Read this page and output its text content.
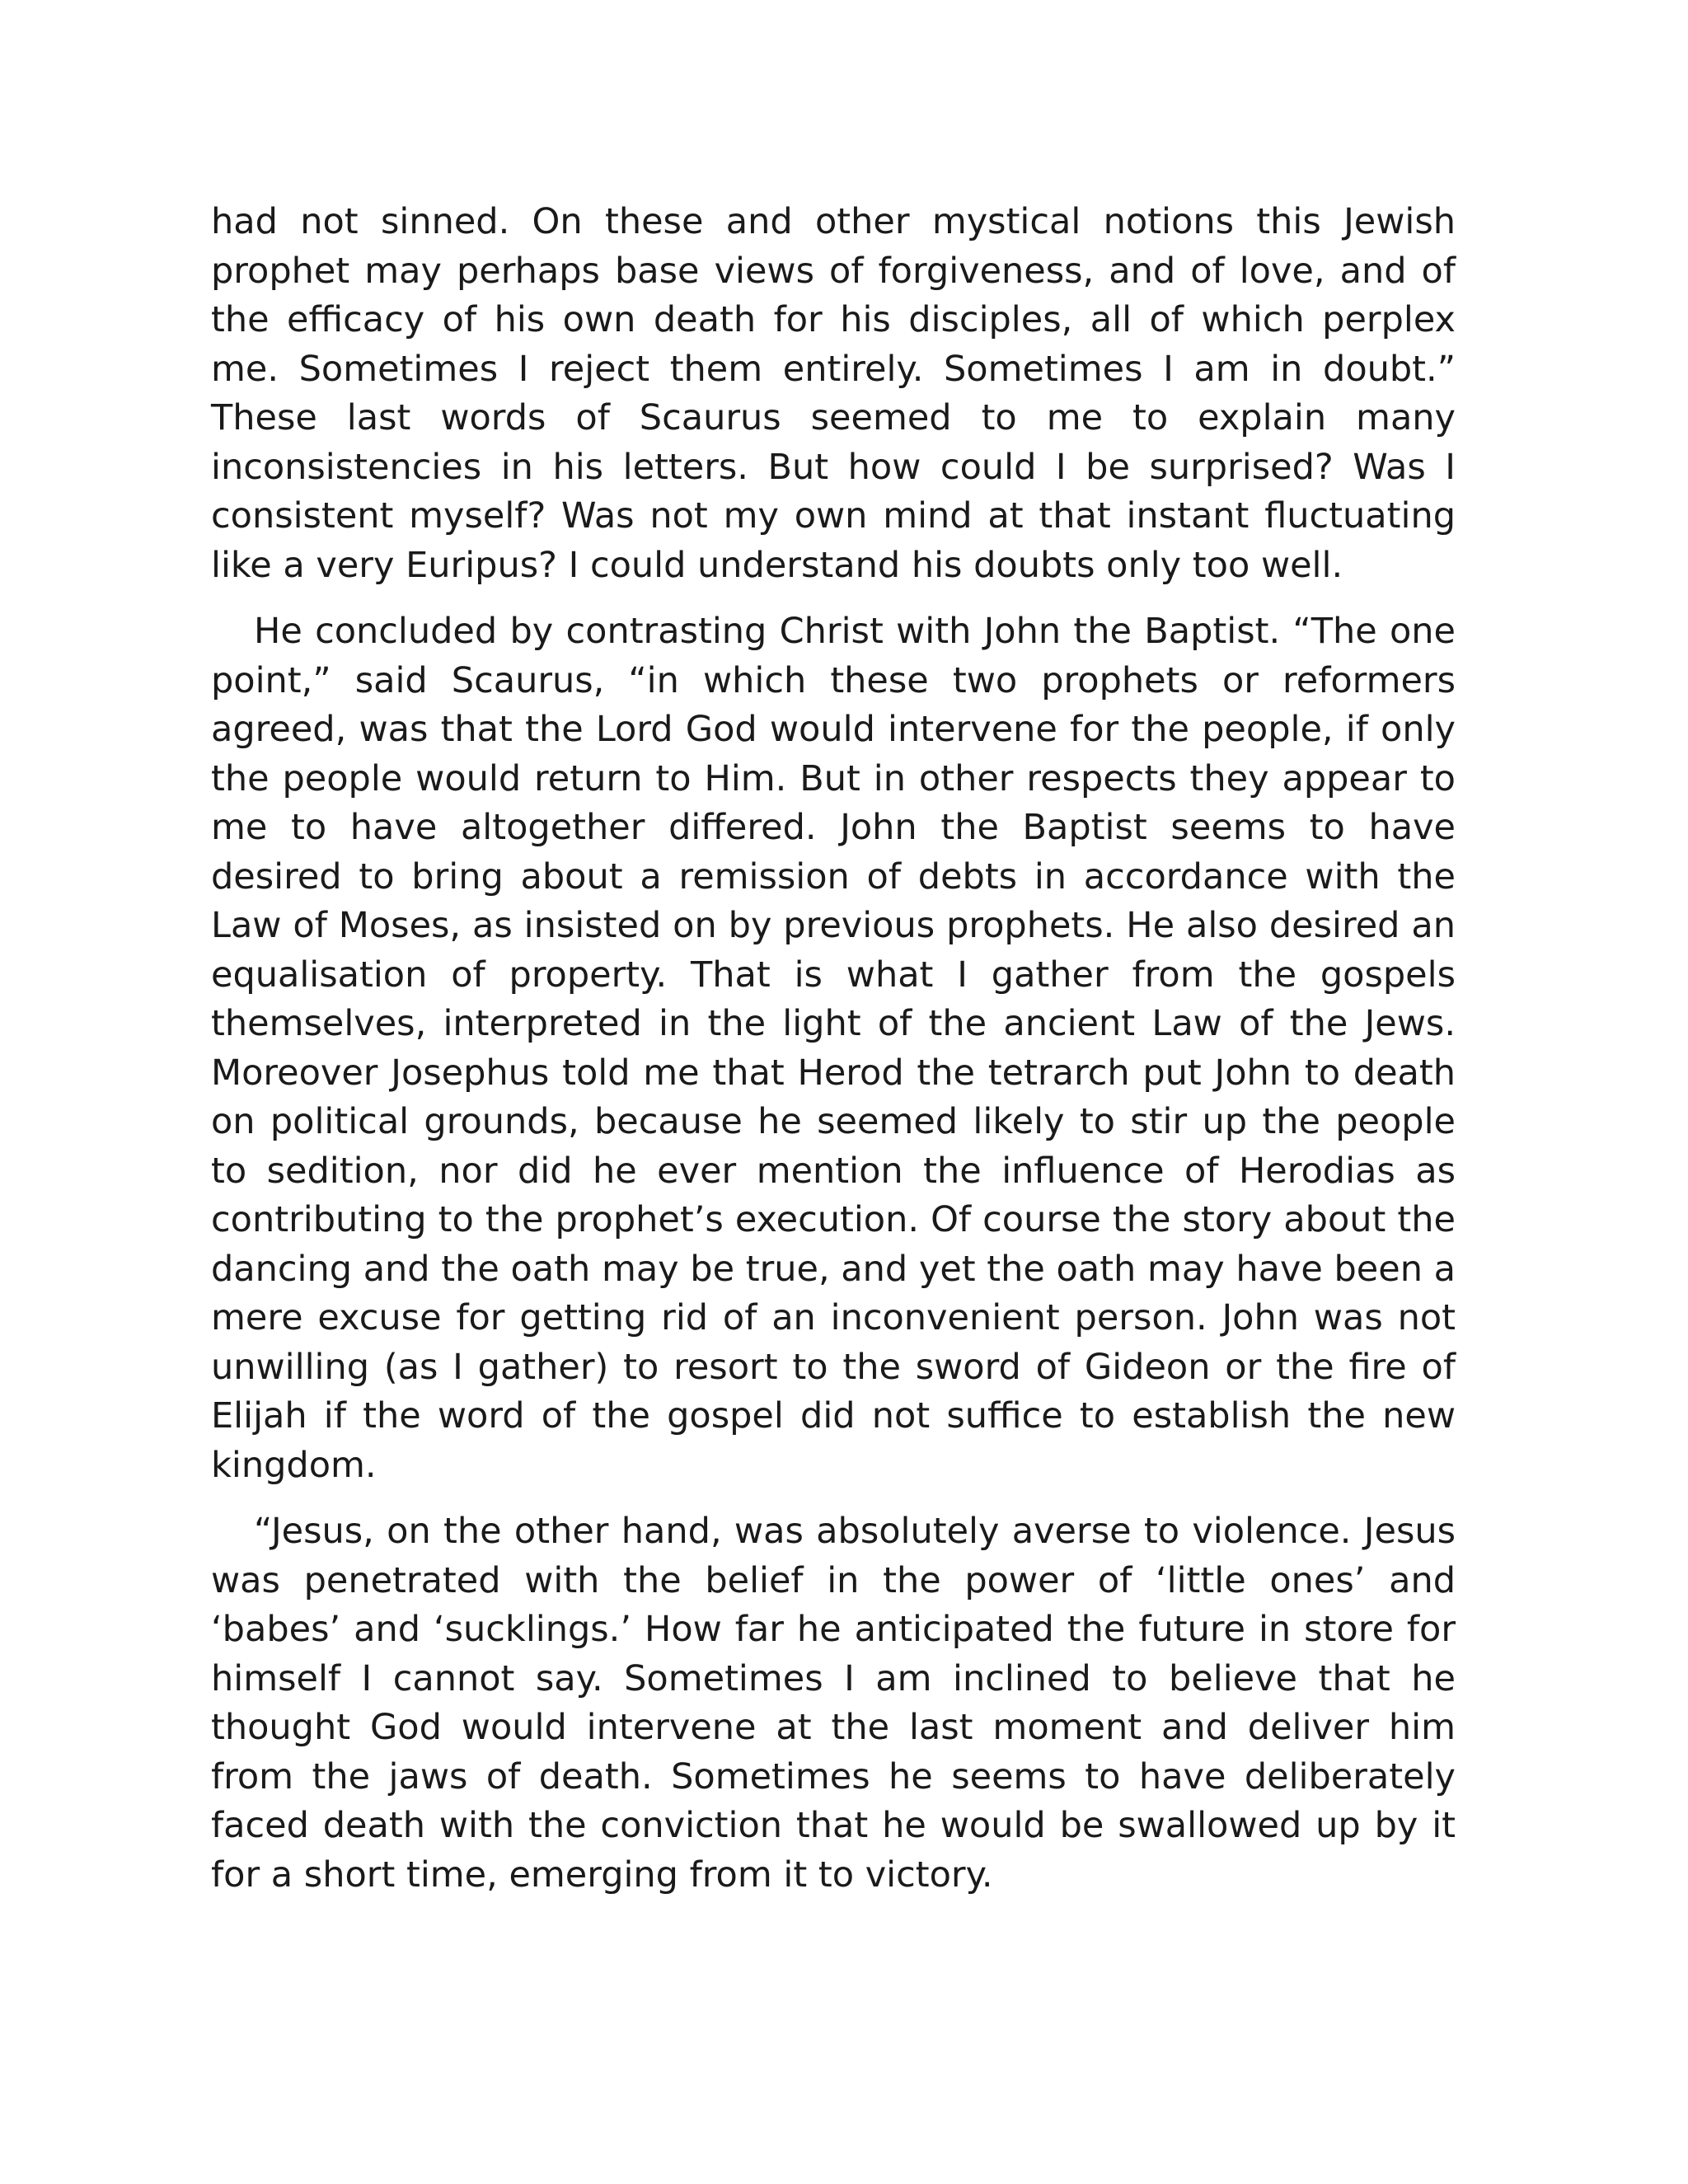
had not sinned. On these and other mystical notions this Jewish prophet may perhaps base views of forgiveness, and of love, and of the efficacy of his own death for his disciples, all of which perplex me. Sometimes I reject them entirely. Sometimes I am in doubt.” These last words of Scaurus seemed to me to explain many inconsistencies in his letters. But how could I be surprised? Was I consistent myself? Was not my own mind at that instant fluctuating like a very Euripus? I could understand his doubts only too well.

He concluded by contrasting Christ with John the Baptist. “The one point,” said Scaurus, “in which these two prophets or reformers agreed, was that the Lord God would intervene for the people, if only the people would return to Him. But in other respects they appear to me to have altogether differed. John the Baptist seems to have desired to bring about a remission of debts in accordance with the Law of Moses, as insisted on by previous prophets. He also desired an equalisation of property. That is what I gather from the gospels themselves, interpreted in the light of the ancient Law of the Jews. Moreover Josephus told me that Herod the tetrarch put John to death on political grounds, because he seemed likely to stir up the people to sedition, nor did he ever mention the influence of Herodias as contributing to the prophet’s execution. Of course the story about the dancing and the oath may be true, and yet the oath may have been a mere excuse for getting rid of an inconvenient person. John was not unwilling (as I gather) to resort to the sword of Gideon or the fire of Elijah if the word of the gospel did not suffice to establish the new kingdom.

“Jesus, on the other hand, was absolutely averse to violence. Jesus was penetrated with the belief in the power of ‘little ones’ and ‘babes’ and ‘sucklings.’ How far he anticipated the future in store for himself I cannot say. Sometimes I am inclined to believe that he thought God would intervene at the last moment and deliver him from the jaws of death. Sometimes he seems to have deliberately faced death with the conviction that he would be swallowed up by it for a short time, emerging from it to victory.
